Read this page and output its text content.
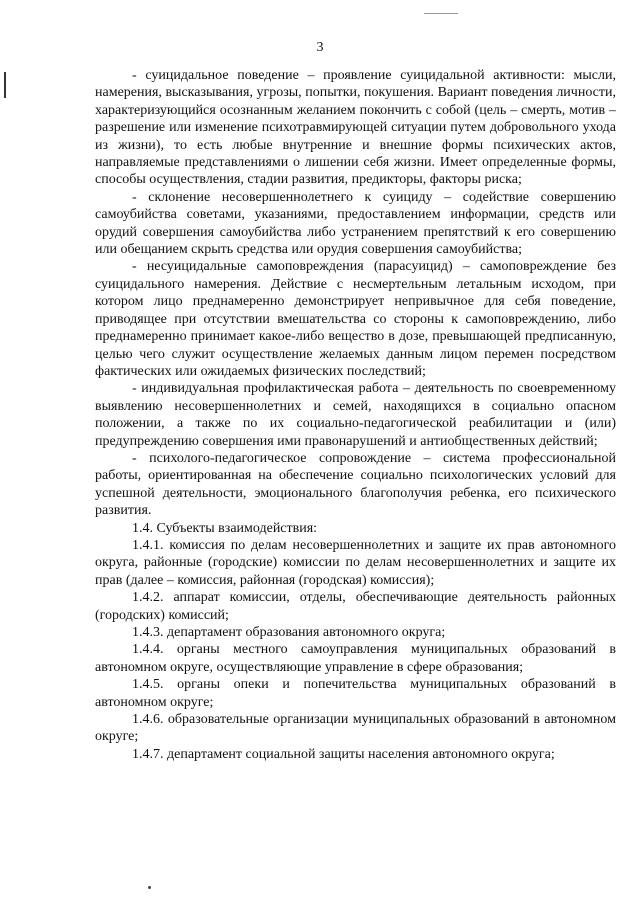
3

- суицидальное поведение – проявление суицидальной активности: мысли, намерения, высказывания, угрозы, попытки, покушения. Вариант поведения личности, характеризующийся осознанным желанием покончить с собой (цель – смерть, мотив – разрешение или изменение психотравмирующей ситуации путем добровольного ухода из жизни), то есть любые внутренние и внешние формы психических актов, направляемые представлениями о лишении себя жизни. Имеет определенные формы, способы осуществления, стадии развития, предикторы, факторы риска;

- склонение несовершеннолетнего к суициду – содействие совершению самоубийства советами, указаниями, предоставлением информации, средств или орудий совершения самоубийства либо устранением препятствий к его совершению или обещанием скрыть средства или орудия совершения самоубийства;

- несуицидальные самоповреждения (парасуицид) – самоповреждение без суицидального намерения. Действие с несмертельным летальным исходом, при котором лицо преднамеренно демонстрирует непривычное для себя поведение, приводящее при отсутствии вмешательства со стороны к самоповреждению, либо преднамеренно принимает какое-либо вещество в дозе, превышающей предписанную, целью чего служит осуществление желаемых данным лицом перемен посредством фактических или ожидаемых физических последствий;

- индивидуальная профилактическая работа – деятельность по своевременному выявлению несовершеннолетних и семей, находящихся в социально опасном положении, а также по их социально-педагогической реабилитации и (или) предупреждению совершения ими правонарушений и антиобщественных действий;

- психолого-педагогическое сопровождение – система профессиональной работы, ориентированная на обеспечение социально психологических условий для успешной деятельности, эмоционального благополучия ребенка, его психического развития.

1.4. Субъекты взаимодействия:

1.4.1. комиссия по делам несовершеннолетних и защите их прав автономного округа, районные (городские) комиссии по делам несовершеннолетних и защите их прав (далее – комиссия, районная (городская) комиссия);

1.4.2. аппарат комиссии, отделы, обеспечивающие деятельность районных (городских) комиссий;

1.4.3. департамент образования автономного округа;

1.4.4. органы местного самоуправления муниципальных образований в автономном округе, осуществляющие управление в сфере образования;

1.4.5. органы опеки и попечительства муниципальных образований в автономном округе;

1.4.6. образовательные организации муниципальных образований в автономном округе;

1.4.7. департамент социальной защиты населения автономного округа;
